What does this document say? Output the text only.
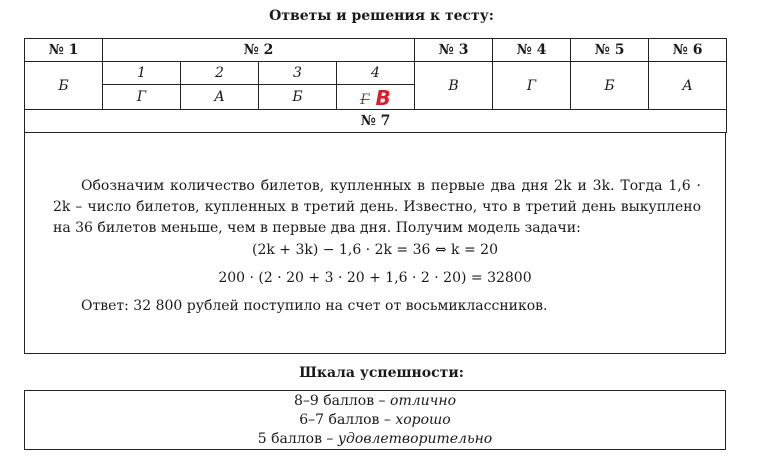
Ответы и решения к тесту:
№ 1	№ 2				№ 3	№ 4	№ 5	№ 6
Б	1	2	3	4	В	Г	Б	А
	Г	А	Б	Г В				
№ 7								
Обозначим количество билетов, купленных в первые два дня 2k и 3k. Тогда 1,6 · 2k – число билетов, купленных в третий день. Известно, что в третий день выкуплено на 36 билетов меньше, чем в первые два дня. Получим модель задачи:
(2k + 3k) − 1,6 · 2k = 36 ⇔ k = 20
200 · (2 · 20 + 3 · 20 + 1,6 · 2 · 20) = 32800
Ответ: 32 800 рублей поступило на счет от восьмиклассников.
Шкала успешности:
8–9 баллов – отлично
6–7 баллов – хорошо
5 баллов – удовлетворительно
